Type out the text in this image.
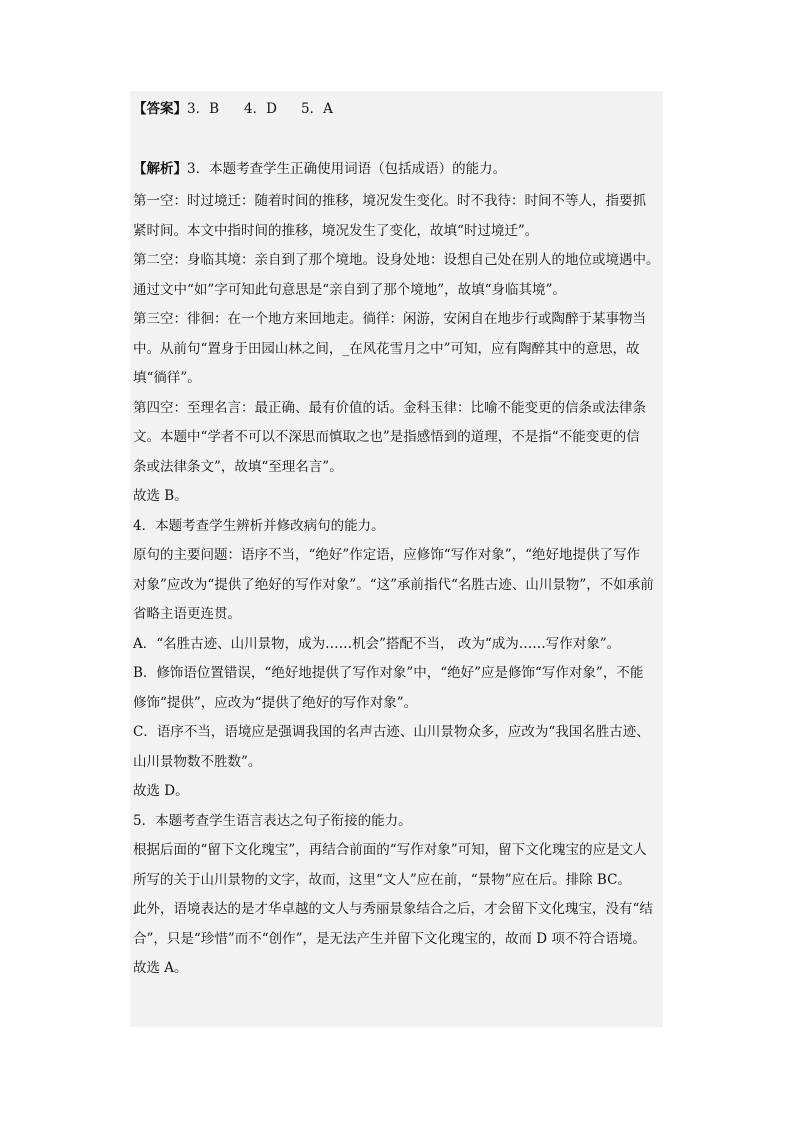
【答案】3．B 4．D 5．A
【解析】3．本题考查学生正确使用词语（包括成语）的能力。
第一空：时过境迁：随着时间的推移，境况发生变化。时不我待：时间不等人，指要抓
紧时间。本文中指时间的推移，境况发生了变化，故填“时过境迁”。
第二空：身临其境：亲自到了那个境地。设身处地：设想自己处在别人的地位或境遇中。
通过文中“如”字可知此句意思是“亲自到了那个境地”，故填“身临其境”。
第三空：徘徊：在一个地方来回地走。徜徉：闲游，安闲自在地步行或陶醉于某事物当
中。从前句“置身于田园山林之间，_在风花雪月之中”可知，应有陶醉其中的意思，故
填“徜徉”。
第四空：至理名言：最正确、最有价值的话。金科玉律：比喻不能变更的信条或法律条
文。本题中“学者不可以不深思而慎取之也”是指感悟到的道理，不是指“不能变更的信
条或法律条文”，故填“至理名言”。
故选 B。
4．本题考查学生辨析并修改病句的能力。
原句的主要问题：语序不当，“绝好”作定语，应修饰“写作对象”，“绝好地提供了写作
对象”应改为“提供了绝好的写作对象”。“这”承前指代“名胜古迹、山川景物”，不如承前
省略主语更连贯。
A．“名胜古迹、山川景物，成为……机会”搭配不当， 改为“成为……写作对象”。
B．修饰语位置错误，“绝好地提供了写作对象”中，“绝好”应是修饰“写作对象”，不能
修饰“提供”，应改为“提供了绝好的写作对象”。
C．语序不当，语境应是强调我国的名声古迹、山川景物众多，应改为“我国名胜古迹、
山川景物数不胜数”。
故选 D。
5．本题考查学生语言表达之句子衔接的能力。
根据后面的“留下文化瑰宝”，再结合前面的“写作对象”可知，留下文化瑰宝的应是文人
所写的关于山川景物的文字，故而，这里“文人”应在前，“景物”应在后。排除 BC。
此外，语境表达的是才华卓越的文人与秀丽景象结合之后，才会留下文化瑰宝，没有“结
合”，只是“珍惜”而不“创作”，是无法产生并留下文化瑰宝的，故而 D 项不符合语境。
故选 A。
